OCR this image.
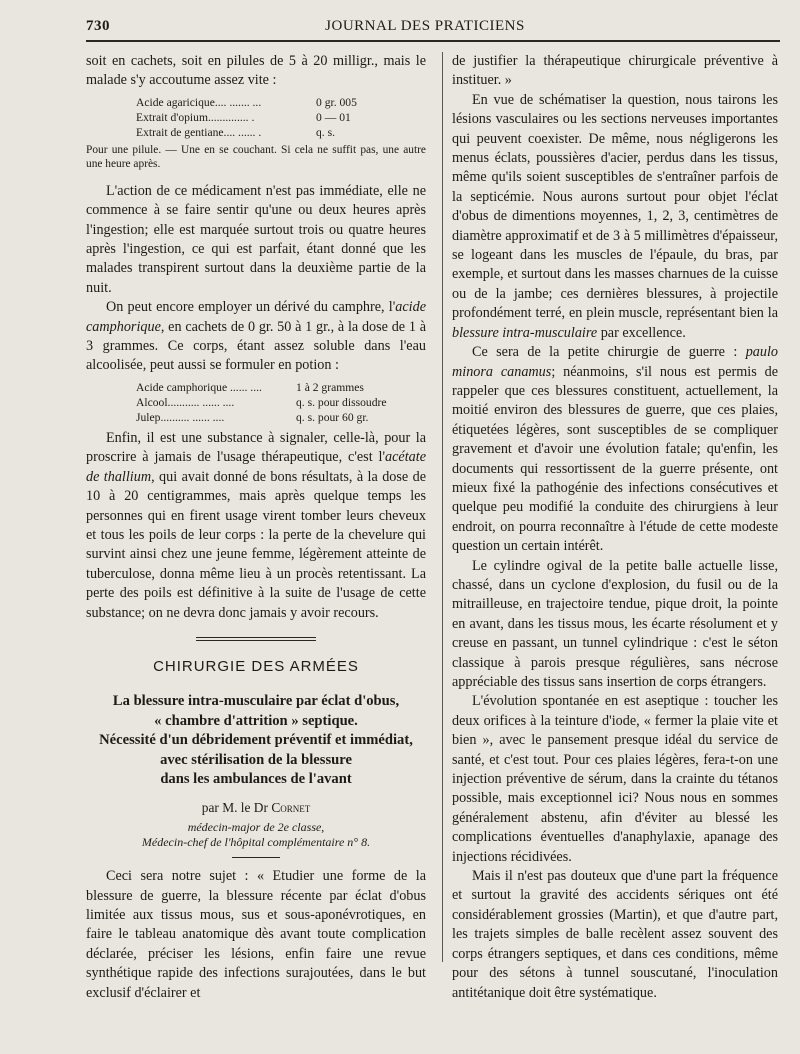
730	JOURNAL DES PRATICIENS

soit en cachets, soit en pilules de 5 à 20 milligr., mais le malade s'y accoutume assez vite :

Acide agaricique.... ....... ...	0 gr. 005
Extrait d'opium.............. .	0 — 01
Extrait de gentiane.... ...... .	q. s.

Pour une pilule. — Une en se couchant. Si cela ne suffit pas, une autre une heure après.

L'action de ce médicament n'est pas immédiate, elle ne commence à se faire sentir qu'une ou deux heures après l'ingestion; elle est marquée surtout trois ou quatre heures après l'ingestion, ce qui est parfait, étant donné que les malades transpirent surtout dans la deuxième partie de la nuit.

On peut encore employer un dérivé du camphre, l'acide camphorique, en cachets de 0 gr. 50 à 1 gr., à la dose de 1 à 3 grammes. Ce corps, étant assez soluble dans l'eau alcoolisée, peut aussi se formuler en potion :

Acide camphorique ...... ....	1 à 2 grammes
Alcool........... ...... ....	q. s. pour dissoudre
Julep.......... ...... ....	q. s. pour 60 gr.

Enfin, il est une substance à signaler, celle-là, pour la proscrire à jamais de l'usage thérapeutique, c'est l'acétate de thallium, qui avait donné de bons résultats, à la dose de 10 à 20 centigrammes, mais après quelque temps les personnes qui en firent usage virent tomber leurs cheveux et tous les poils de leur corps : la perte de la chevelure qui survint ainsi chez une jeune femme, légèrement atteinte de tuberculose, donna même lieu à un procès retentissant. La perte des poils est définitive à la suite de l'usage de cette substance; on ne devra donc jamais y avoir recours.

CHIRURGIE DES ARMÉES
La blessure intra-musculaire par éclat d'obus,
« chambre d'attrition » septique.
Nécessité d'un débridement préventif et immédiat,
avec stérilisation de la blessure
dans les ambulances de l'avant
par M. le Dr Cornet
médecin-major de 2e classe,
Médecin-chef de l'hôpital complémentaire n° 8.

Ceci sera notre sujet : « Etudier une forme de la blessure de guerre, la blessure récente par éclat d'obus limitée aux tissus mous, sus et sous-aponévrotiques, en faire le tableau anatomique dès avant toute complication déclarée, préciser les lésions, enfin faire une revue synthétique rapide des infections surajoutées, dans le but exclusif d'éclairer et

de justifier la thérapeutique chirurgicale préventive à instituer. »

En vue de schématiser la question, nous tairons les lésions vasculaires ou les sections nerveuses importantes qui peuvent coexister. De même, nous négligerons les menus éclats, poussières d'acier, perdus dans les tissus, même qu'ils soient susceptibles de s'entraîner parfois de la septicémie. Nous aurons surtout pour objet l'éclat d'obus de dimentions moyennes, 1, 2, 3, centimètres de diamètre approximatif et de 3 à 5 millimètres d'épaisseur, se logeant dans les muscles de l'épaule, du bras, par exemple, et surtout dans les masses charnues de la cuisse ou de la jambe; ces dernières blessures, à projectile profondément terré, en plein muscle, représentant bien la blessure intra-musculaire par excellence.

Ce sera de la petite chirurgie de guerre : paulo minora canamus; néanmoins, s'il nous est permis de rappeler que ces blessures constituent, actuellement, la moitié environ des blessures de guerre, que ces plaies, étiquetées légères, sont susceptibles de se compliquer gravement et d'avoir une évolution fatale; qu'enfin, les documents qui ressortissent de la guerre présente, ont mieux fixé la pathogénie des infections consécutives et quelque peu modifié la conduite des chirurgiens à leur endroit, on pourra reconnaître à l'étude de cette modeste question un certain intérêt.

Le cylindre ogival de la petite balle actuelle lisse, chassé, dans un cyclone d'explosion, du fusil ou de la mitrailleuse, en trajectoire tendue, pique droit, la pointe en avant, dans les tissus mous, les écarte résolument et y creuse en passant, un tunnel cylindrique : c'est le séton classique à parois presque régulières, sans nécrose appréciable des tissus sans insertion de corps étrangers.

L'évolution spontanée en est aseptique : toucher les deux orifices à la teinture d'iode, « fermer la plaie vite et bien », avec le pansement presque idéal du service de santé, et c'est tout. Pour ces plaies légères, fera-t-on une injection préventive de sérum, dans la crainte du tétanos possible, mais exceptionnel ici? Nous nous en sommes généralement abstenu, afin d'éviter au blessé les complications éventuelles d'anaphylaxie, apanage des injections récidivées.

Mais il n'est pas douteux que d'une part la fréquence et surtout la gravité des accidents sériques ont été considérablement grossies (Martin), et que d'autre part, les trajets simples de balle recèlent assez souvent des corps étrangers septiques, et dans ces conditions, même pour des sétons à tunnel souscutané, l'inoculation antitétanique doit être systématique.
